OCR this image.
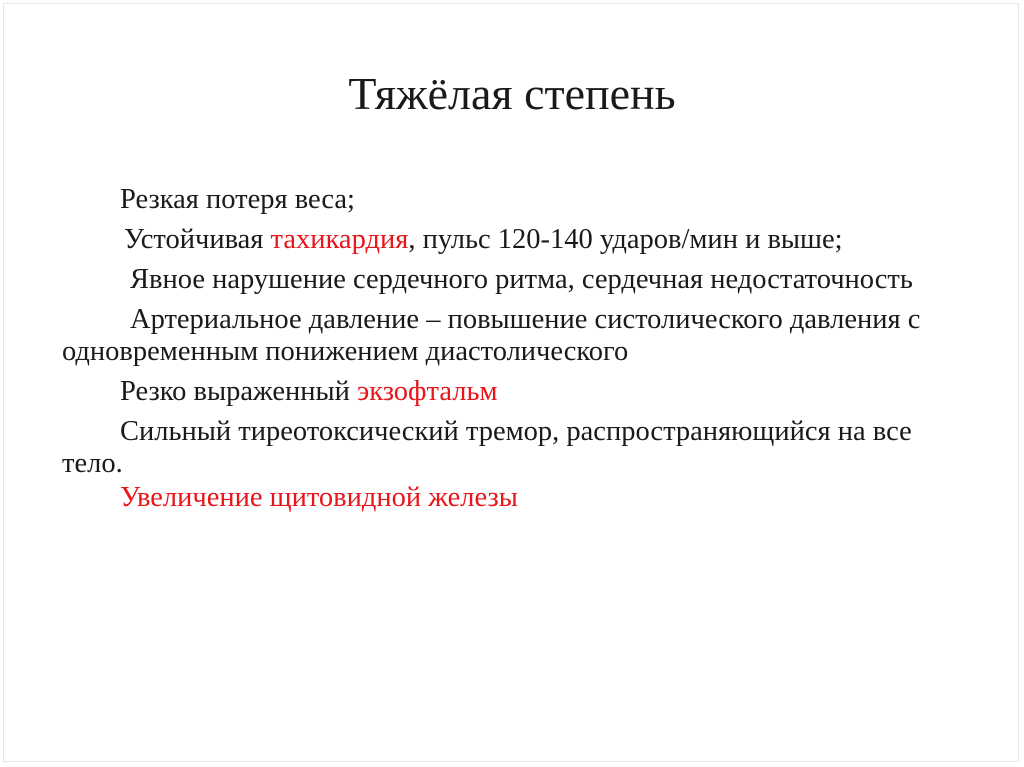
Тяжёлая степень

Резкая потеря веса;

Устойчивая тахикардия, пульс 120-140 ударов/мин и выше;

Явное нарушение сердечного ритма, сердечная недостаточность

Артериальное давление – повышение систолического давления с одновременным понижением диастолического

Резко выраженный экзофтальм

Сильный тиреотоксический тремор, распространяющийся на все тело.

Увеличение щитовидной железы
